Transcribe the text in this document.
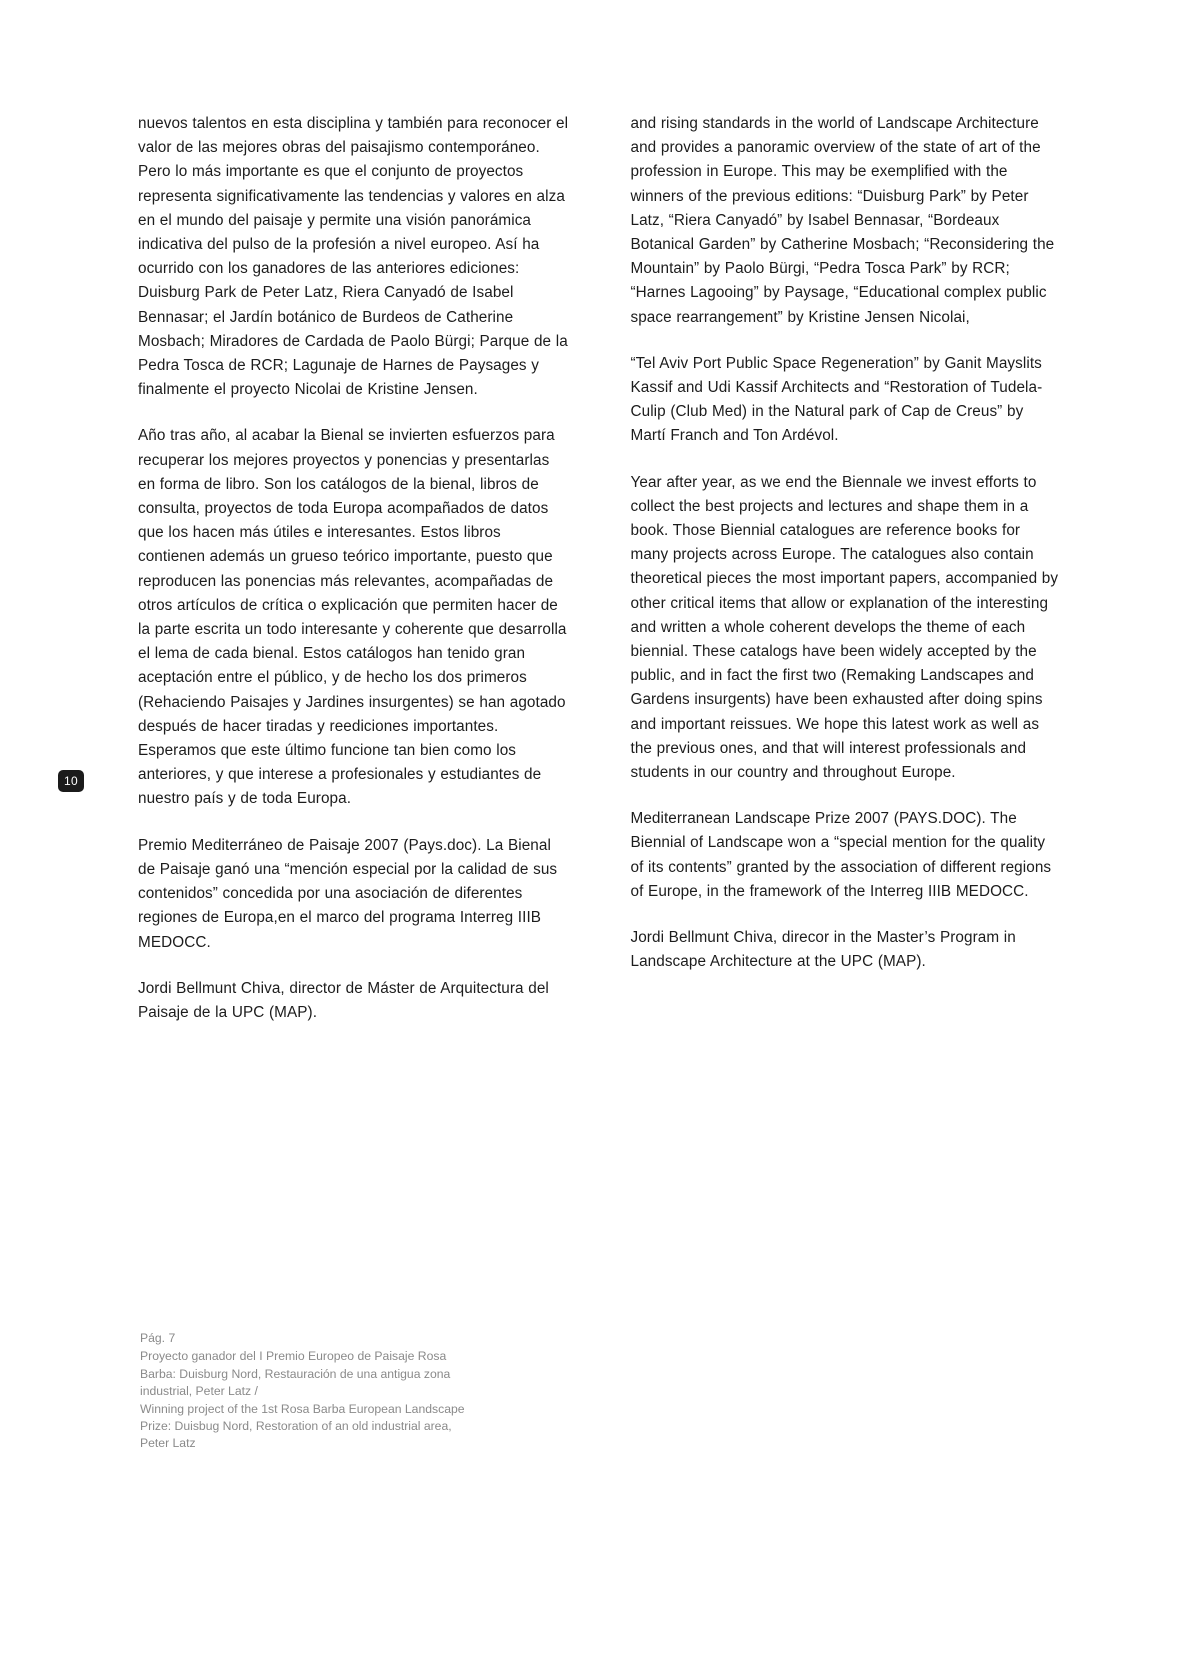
10

nuevos talentos en esta disciplina y también para reconocer el valor de las mejores obras del paisajismo contemporáneo. Pero lo más importante es que el conjunto de proyectos representa significativamente las tendencias y valores en alza en el mundo del paisaje y permite una visión panorámica indicativa del pulso de la profesión a nivel europeo. Así ha ocurrido con los ganadores de las anteriores ediciones: Duisburg Park de Peter Latz, Riera Canyadó de Isabel Bennasar; el Jardín botánico de Burdeos de Catherine Mosbach; Miradores de Cardada de Paolo Bürgi; Parque de la Pedra Tosca de RCR; Lagunaje de Harnes de Paysages y finalmente el proyecto Nicolai de Kristine Jensen.

Año tras año, al acabar la Bienal se invierten esfuerzos para recuperar los mejores proyectos y ponencias y presentarlas en forma de libro. Son los catálogos de la bienal, libros de consulta, proyectos de toda Europa acompañados de datos que los hacen más útiles e interesantes. Estos libros contienen además un grueso teórico importante, puesto que reproducen las ponencias más relevantes, acompañadas de otros artículos de crítica o explicación que permiten hacer de la parte escrita un todo interesante y coherente que desarrolla el lema de cada bienal. Estos catálogos han tenido gran aceptación entre el público, y de hecho los dos primeros (Rehaciendo Paisajes y Jardines insurgentes) se han agotado después de hacer tiradas y reediciones importantes. Esperamos que este último funcione tan bien como los anteriores, y que interese a profesionales y estudiantes de nuestro país y de toda Europa.

Premio Mediterráneo de Paisaje 2007 (Pays.doc). La Bienal de Paisaje ganó una “mención especial por la calidad de sus contenidos” concedida por una asociación de diferentes regiones de Europa,en el marco del programa Interreg IIIB MEDOCC.

Jordi Bellmunt Chiva, director de Máster de Arquitectura del Paisaje de la UPC (MAP).

and rising standards in the world of Landscape Architecture and provides a panoramic overview of the state of art of the profession in Europe. This may be exemplified with the winners of the previous editions: “Duisburg Park” by Peter Latz, “Riera Canyadó” by Isabel Bennasar, “Bordeaux Botanical Garden” by Catherine Mosbach; “Reconsidering the Mountain” by Paolo Bürgi, “Pedra Tosca Park” by RCR; “Harnes Lagooing” by Paysage, “Educational complex public space rearrangement” by Kristine Jensen Nicolai,

“Tel Aviv Port Public Space Regeneration” by Ganit Mayslits Kassif and Udi Kassif Architects and “Restoration of Tudela-Culip (Club Med) in the Natural park of Cap de Creus” by Martí Franch and Ton Ardévol.

Year after year, as we end the Biennale we invest efforts to collect the best projects and lectures and shape them in a book. Those Biennial catalogues are reference books for many projects across Europe. The catalogues also contain theoretical pieces the most important papers, accompanied by other critical items that allow or explanation of the interesting and written a whole coherent develops the theme of each biennial. These catalogs have been widely accepted by the public, and in fact the first two (Remaking Landscapes and Gardens insurgents) have been exhausted after doing spins and important reissues. We hope this latest work as well as the previous ones, and that will interest professionals and students in our country and throughout Europe.

Mediterranean Landscape Prize 2007 (PAYS.DOC). The Biennial of Landscape won a “special mention for the quality of its contents” granted by the association of different regions of Europe, in the framework of the Interreg IIIB MEDOCC.

Jordi Bellmunt Chiva, direcor in the Master’s Program in Landscape Architecture at the UPC (MAP).

Pág. 7
Proyecto ganador del I Premio Europeo de Paisaje Rosa Barba: Duisburg Nord, Restauración de una antigua zona industrial, Peter Latz /
Winning project of the 1st Rosa Barba European Landscape Prize: Duisbug Nord, Restoration of an old industrial area, Peter Latz
